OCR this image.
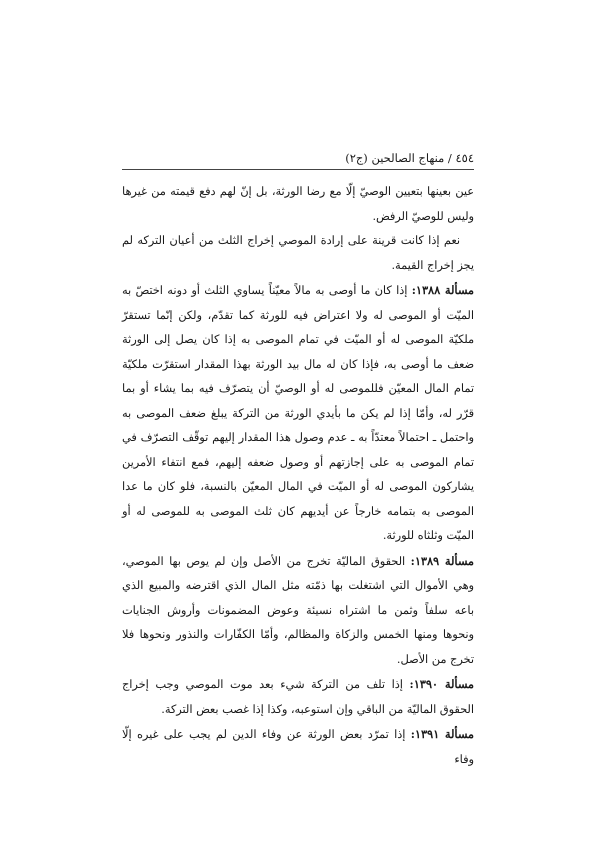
٤٥٤ / منهاج الصالحين (ج٢)

عين بعينها بتعيين الوصيّ إلّا مع رضا الورثة، بل إنّ لهم دفع قيمته من غيرها وليس للوصيّ الرفض.

نعم إذا كانت قرينة على إرادة الموصي إخراج الثلث من أعيان التركه لم يجز إخراج القيمة.

مسألة ١٣٨٨: إذا كان ما أوصى به مالاً معيّناً يساوي الثلث أو دونه اختصّ به الميّت أو الموصى له ولا اعتراض فيه للورثة كما تقدّم، ولكن إنّما تستقرّ ملكيّة الموصى له أو الميّت في تمام الموصى به إذا كان يصل إلى الورثة ضعف ما أوصى به، فإذا كان له مال بيد الورثة بهذا المقدار استقرّت ملكيّة تمام المال المعيّن فللموصى له أو الوصيّ أن يتصرّف فيه بما يشاء أو بما قرّر له، وأمّا إذا لم يكن ما بأيدي الورثة من التركة يبلغ ضعف الموصى به واحتمل ـ احتمالاً معتدّاً به ـ عدم وصول هذا المقدار إليهم توقّف التصرّف في تمام الموصى به على إجازتهم أو وصول ضعفه إليهم، فمع انتفاء الأمرين يشاركون الموصى له أو الميّت في المال المعيّن بالنسبة، فلو كان ما عدا الموصى به بتمامه خارجاً عن أيديهم كان ثلث الموصى به للموصى له أو الميّت وثلثاه للورثة.

مسألة ١٣٨٩: الحقوق الماليّة تخرج من الأصل وإن لم يوص بها الموصي، وهي الأموال التي اشتغلت بها ذمّته مثل المال الذي اقترضه والمبيع الذي باعه سلفاً وثمن ما اشتراه نسيئة وعوض المضمونات وأروش الجنايات ونحوها ومنها الخمس والزكاة والمظالم، وأمّا الكفّارات والنذور ونحوها فلا تخرج من الأصل.

مسألة ١٣٩٠: إذا تلف من التركة شيء بعد موت الموصي وجب إخراج الحقوق الماليّة من الباقي وإن استوعبه، وكذا إذا غصب بعض التركة.

مسألة ١٣٩١: إذا تمرّد بعض الورثة عن وفاء الدين لم يجب على غيره إلّا وفاء
